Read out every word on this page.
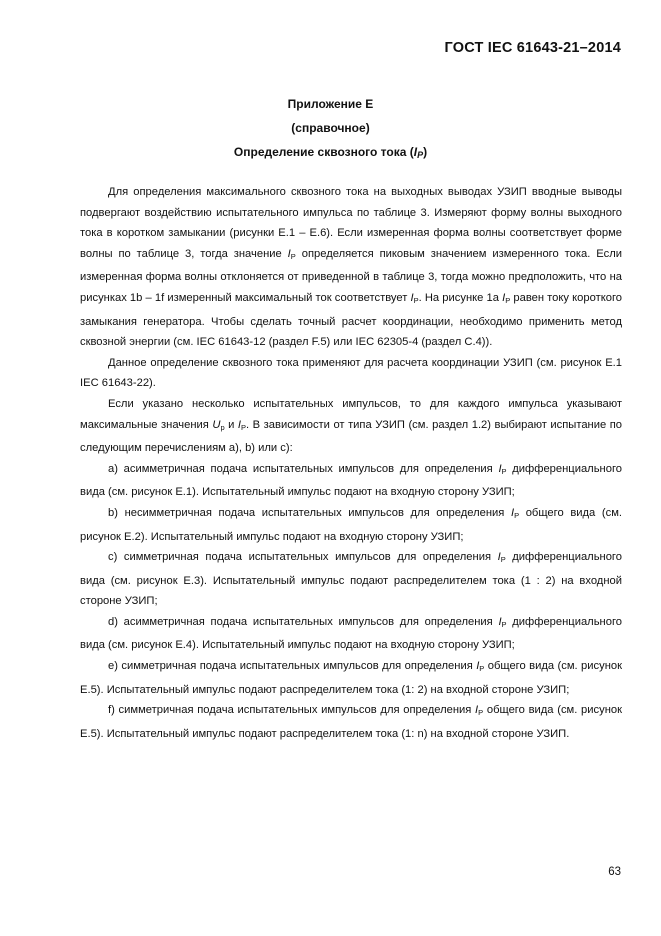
ГОСТ IEC 61643-21–2014
Приложение Е
(справочное)
Определение сквозного тока $(I_P)$

Для определения максимального сквозного тока на выходных выводах УЗИП вводные выводы подвергают воздействию испытательного импульса по таблице 3. Измеряют форму волны выходного тока в коротком замыкании (рисунки Е.1 – Е.6). Если измеренная форма волны соответствует форме волны по таблице 3, тогда значение $I_P$ определяется пиковым значением измеренного тока. Если измеренная форма волны отклоняется от приведенной в таблице 3, тогда можно предположить, что на рисунках 1b – 1f измеренный максимальный ток соответствует $I_P$. На рисунке 1а $I_P$ равен току короткого замыкания генератора. Чтобы сделать точный расчет координации, необходимо применить метод сквозной энергии (см. IEC 61643-12 (раздел F.5) или IEC 62305-4 (раздел С.4)).

Данное определение сквозного тока применяют для расчета координации УЗИП (см. рисунок Е.1 IEC 61643-22).

Если указано несколько испытательных импульсов, то для каждого импульса указывают максимальные значения $U_p$ и $I_P$. В зависимости от типа УЗИП (см. раздел 1.2) выбирают испытание по следующим перечислениям а), b) или с):

а) асимметричная подача испытательных импульсов для определения $I_P$ дифференциального вида (см. рисунок Е.1). Испытательный импульс подают на входную сторону УЗИП;

b) несимметричная подача испытательных импульсов для определения $I_P$ общего вида (см. рисунок Е.2). Испытательный импульс подают на входную сторону УЗИП;

с) симметричная подача испытательных импульсов для определения $I_P$ дифференциального вида (см. рисунок Е.3). Испытательный импульс подают распределителем тока (1 : 2) на входной стороне УЗИП;

d) асимметричная подача испытательных импульсов для определения $I_P$ дифференциального вида (см. рисунок Е.4). Испытательный импульс подают на входную сторону УЗИП;

е) симметричная подача испытательных импульсов для определения $I_P$ общего вида (см. рисунок Е.5). Испытательный импульс подают распределителем тока (1: 2) на входной стороне УЗИП;

f) симметричная подача испытательных импульсов для определения $I_P$ общего вида (см. рисунок Е.5). Испытательный импульс подают распределителем тока (1: n) на входной стороне УЗИП.

63
